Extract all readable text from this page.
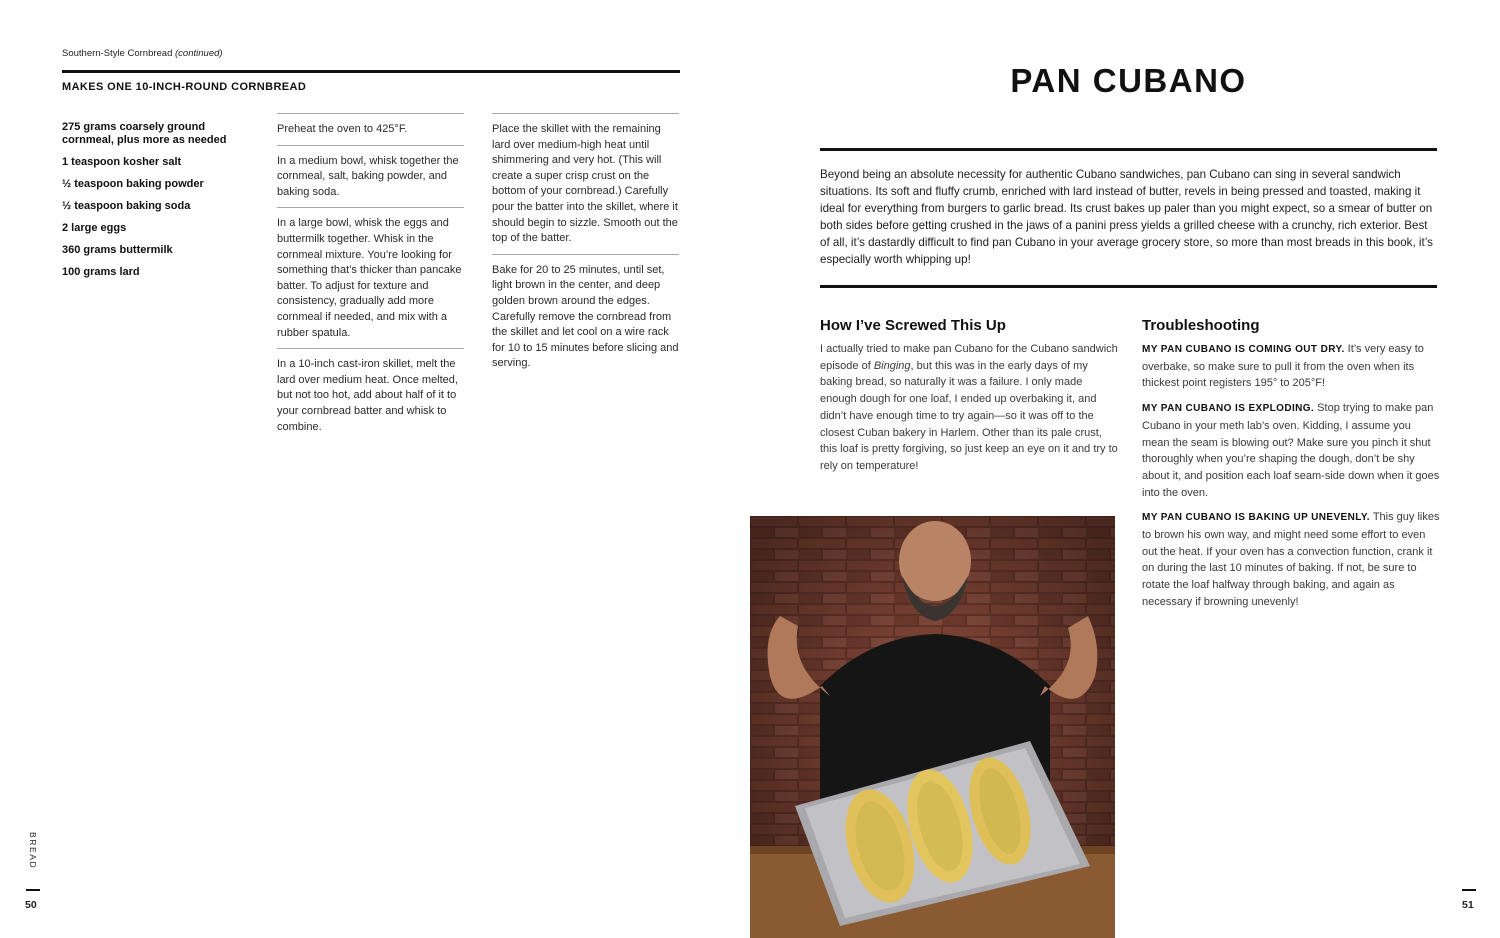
Southern-Style Cornbread (continued)
MAKES ONE 10-INCH-ROUND CORNBREAD
275 grams coarsely ground cornmeal, plus more as needed
1 teaspoon kosher salt
½ teaspoon baking powder
½ teaspoon baking soda
2 large eggs
360 grams buttermilk
100 grams lard
Preheat the oven to 425°F.
In a medium bowl, whisk together the cornmeal, salt, baking powder, and baking soda.
In a large bowl, whisk the eggs and buttermilk together. Whisk in the cornmeal mixture. You’re looking for something that’s thicker than pancake batter. To adjust for texture and consistency, gradually add more cornmeal if needed, and mix with a rubber spatula.
In a 10-inch cast-iron skillet, melt the lard over medium heat. Once melted, but not too hot, add about half of it to your cornbread batter and whisk to combine.
Place the skillet with the remaining lard over medium-high heat until shimmering and very hot. (This will create a super crisp crust on the bottom of your cornbread.) Carefully pour the batter into the skillet, where it should begin to sizzle. Smooth out the top of the batter.
Bake for 20 to 25 minutes, until set, light brown in the center, and deep golden brown around the edges. Carefully remove the cornbread from the skillet and let cool on a wire rack for 10 to 15 minutes before slicing and serving.
BREAD
50
PAN CUBANO
Beyond being an absolute necessity for authentic Cubano sandwiches, pan Cubano can sing in several sandwich situations. Its soft and fluffy crumb, enriched with lard instead of butter, revels in being pressed and toasted, making it ideal for everything from burgers to garlic bread. Its crust bakes up paler than you might expect, so a smear of butter on both sides before getting crushed in the jaws of a panini press yields a grilled cheese with a crunchy, rich exterior. Best of all, it’s dastardly difficult to find pan Cubano in your average grocery store, so more than most breads in this book, it’s especially worth whipping up!
How I’ve Screwed This Up
I actually tried to make pan Cubano for the Cubano sandwich episode of Binging, but this was in the early days of my baking bread, so naturally it was a failure. I only made enough dough for one loaf, I ended up overbaking it, and didn’t have enough time to try again—so it was off to the closest Cuban bakery in Harlem. Other than its pale crust, this loaf is pretty forgiving, so just keep an eye on it and try to rely on temperature!
Troubleshooting
MY PAN CUBANO IS COMING OUT DRY. It’s very easy to overbake, so make sure to pull it from the oven when its thickest point registers 195° to 205°F!
MY PAN CUBANO IS EXPLODING. Stop trying to make pan Cubano in your meth lab’s oven. Kidding, I assume you mean the seam is blowing out? Make sure you pinch it shut thoroughly when you’re shaping the dough, don’t be shy about it, and position each loaf seam-side down when it goes into the oven.
MY PAN CUBANO IS BAKING UP UNEVENLY. This guy likes to brown his own way, and might need some effort to even out the heat. If your oven has a convection function, crank it on during the last 10 minutes of baking. If not, be sure to rotate the loaf halfway through baking, and again as necessary if browning unevenly!
51
